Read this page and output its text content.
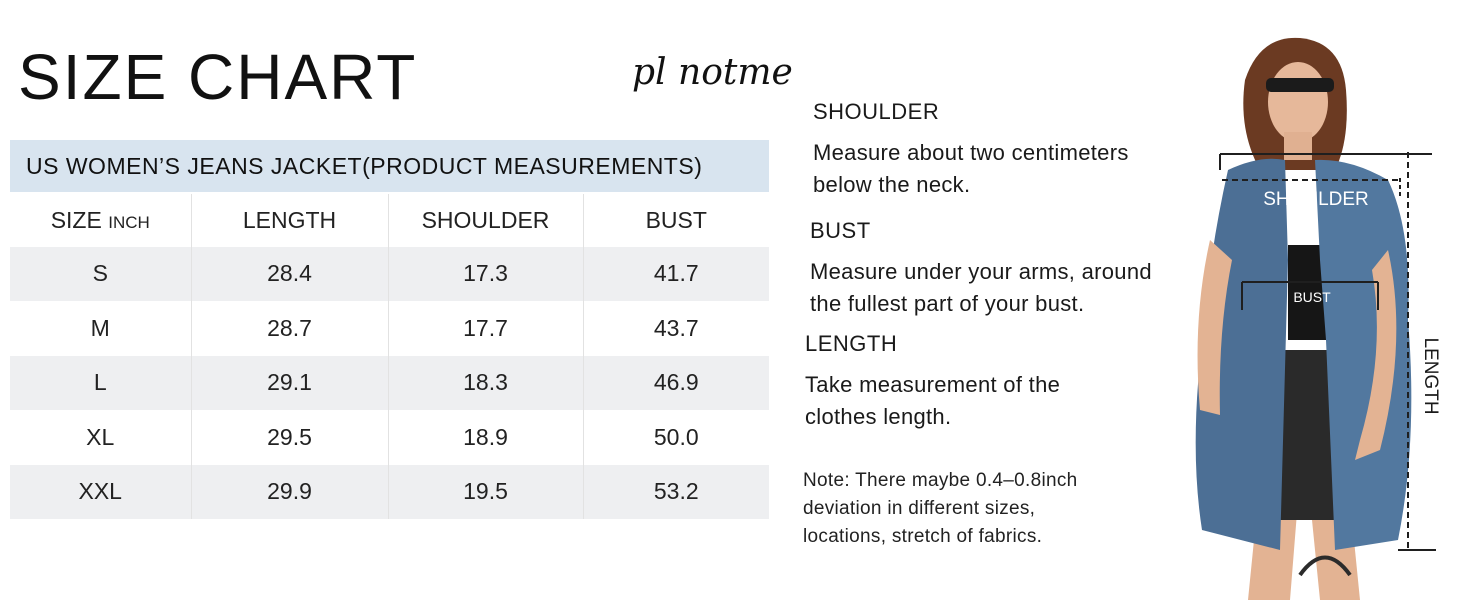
SIZE CHART	pl notme
US WOMEN’S JEANS JACKET(PRODUCT MEASUREMENTS)
SIZE INCH	LENGTH	SHOULDER	BUST
S	28.4	17.3	41.7
M	28.7	17.7	43.7
L	29.1	18.3	46.9
XL	29.5	18.9	50.0
XXL	29.9	19.5	53.2
SHOULDER
Measure about two centimeters
below the neck.
BUST
Measure under your arms, around
the fullest part of your bust.
LENGTH
Take measurement of the
clothes length.
Note: There maybe 0.4–0.8inch
deviation in different sizes,
locations, stretch of fabrics.
SHOULDER
BUST
LENGTH
